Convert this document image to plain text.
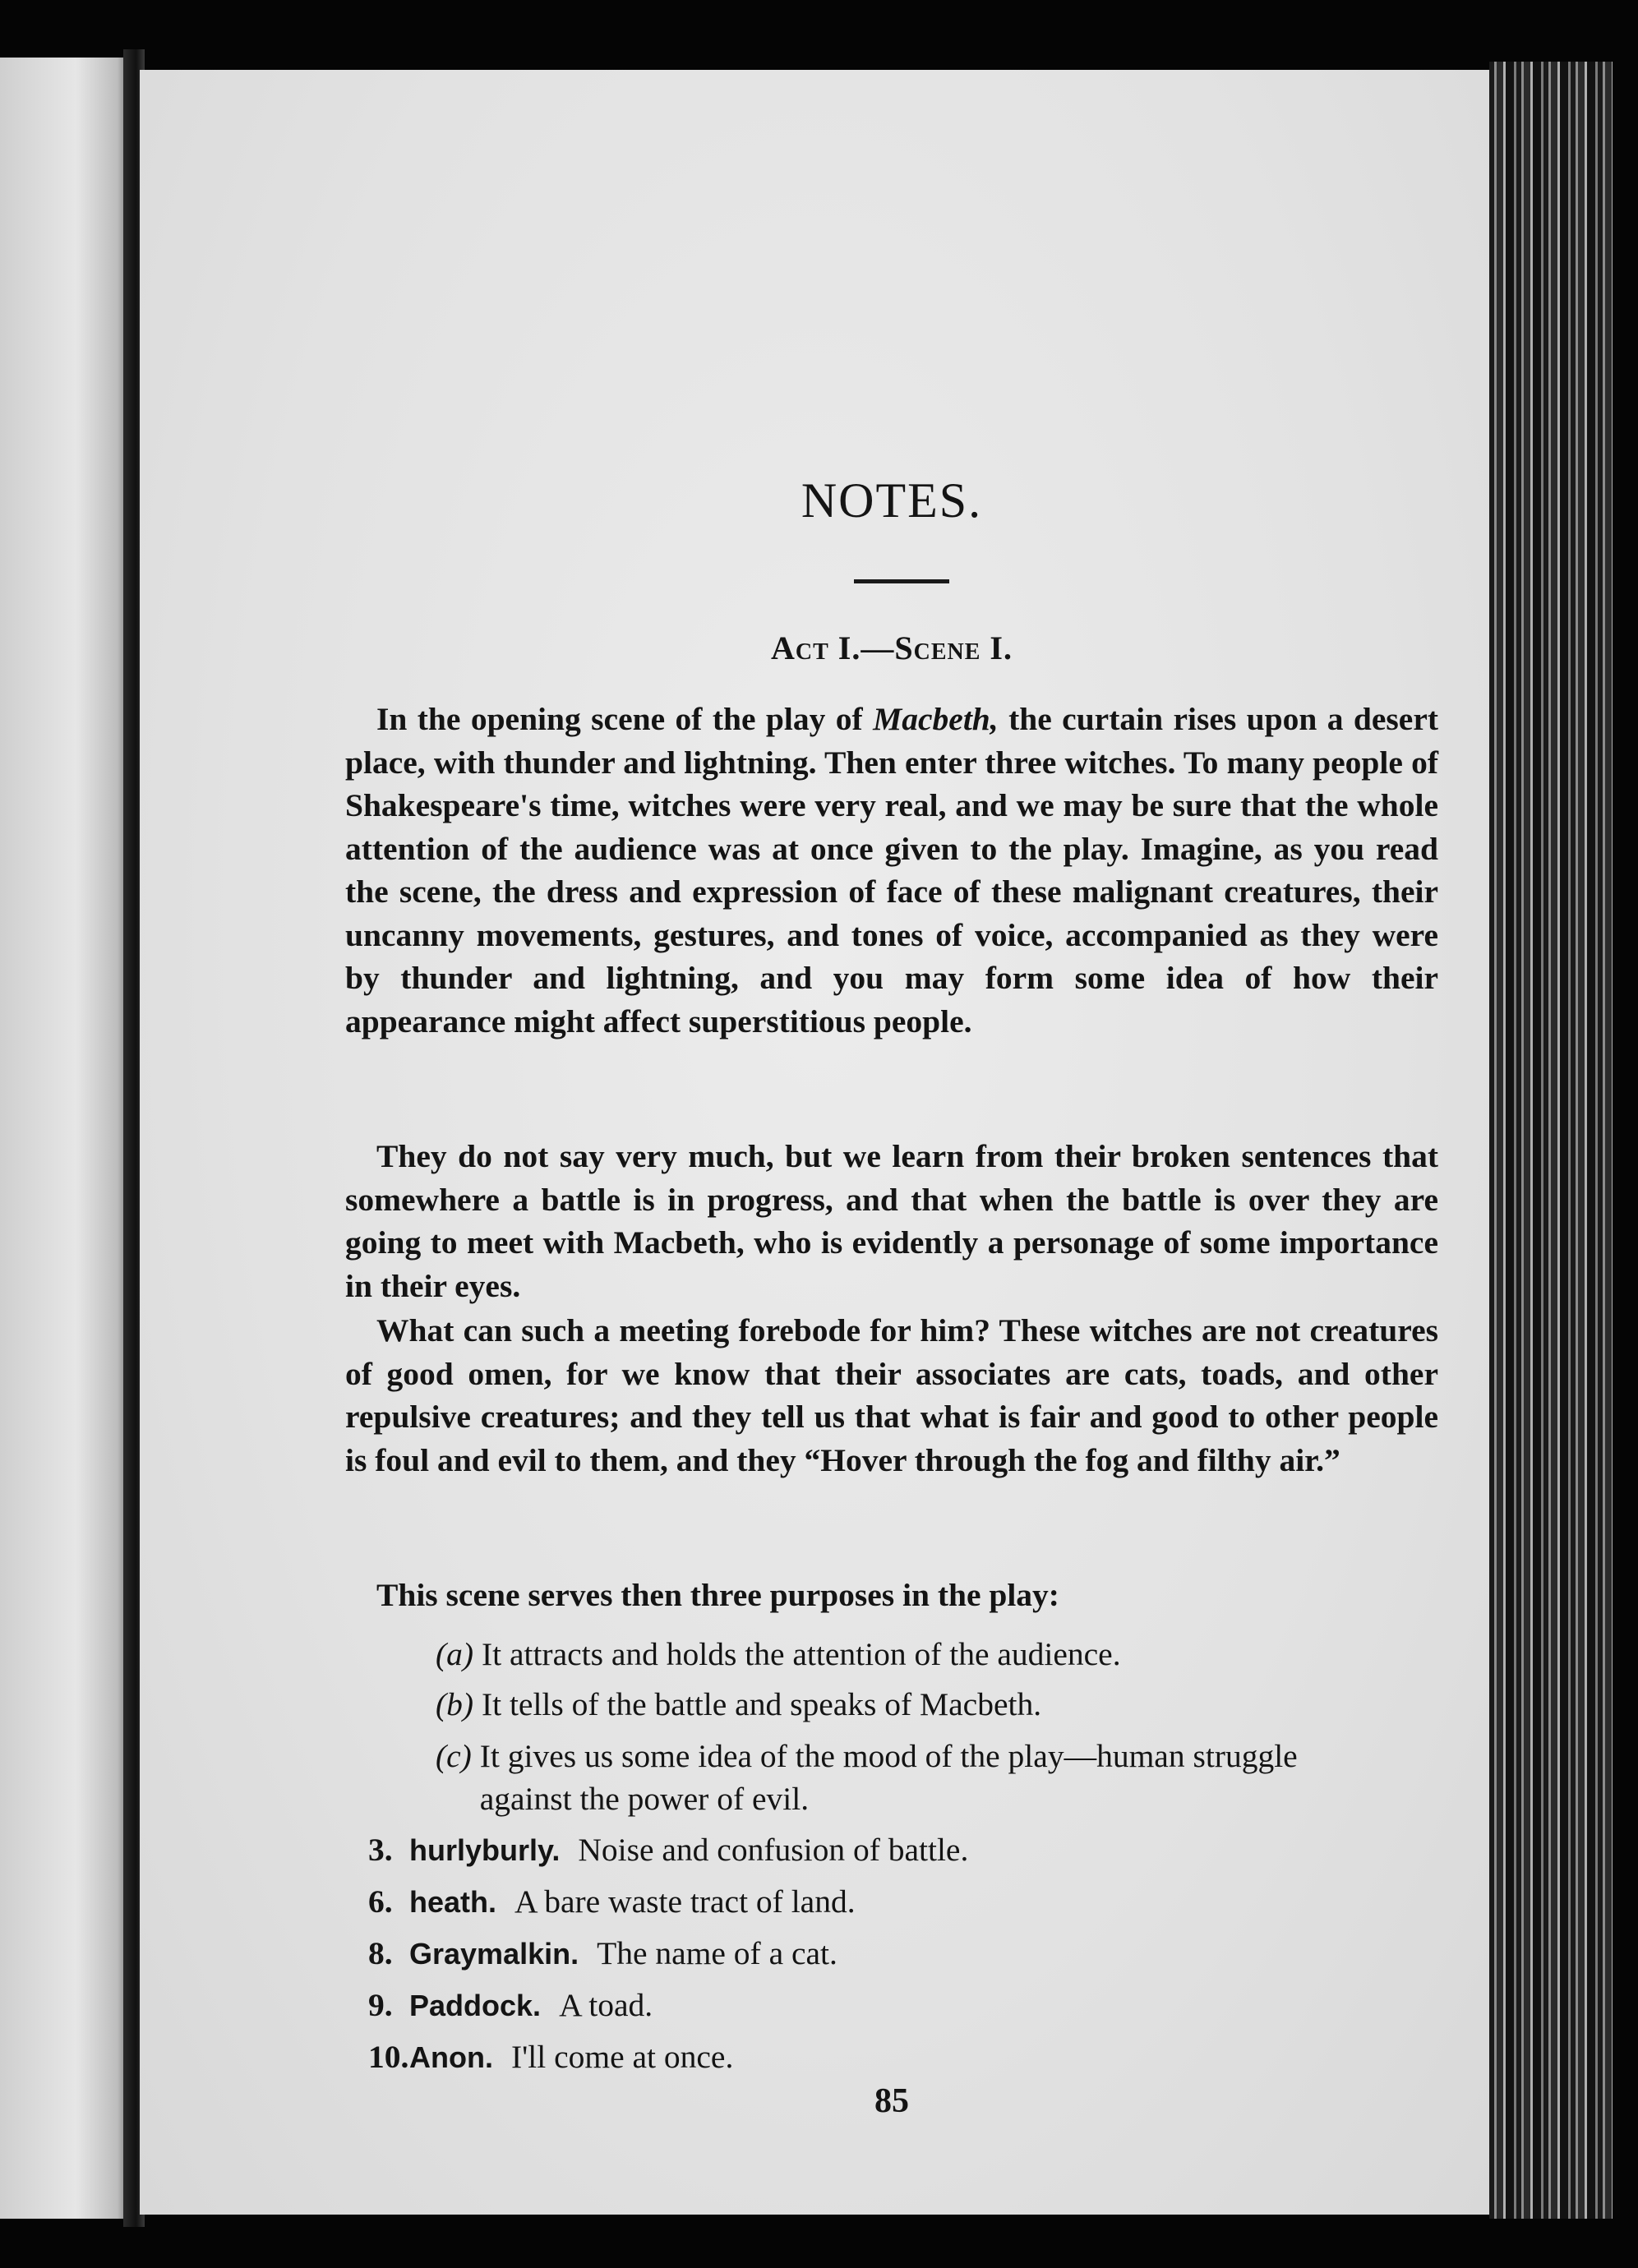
NOTES.
Act I.—Scene I.

In the opening scene of the play of Macbeth, the curtain rises upon a desert place, with thunder and lightning. Then enter three witches. To many people of Shakespeare's time, witches were very real, and we may be sure that the whole attention of the audience was at once given to the play. Imagine, as you read the scene, the dress and expression of face of these malignant creatures, their uncanny movements, gestures, and tones of voice, accompanied as they were by thunder and lightning, and you may form some idea of how their appearance might affect superstitious people.

They do not say very much, but we learn from their broken sentences that somewhere a battle is in progress, and that when the battle is over they are going to meet with Macbeth, who is evidently a personage of some importance in their eyes.

What can such a meeting forebode for him? These witches are not creatures of good omen, for we know that their associates are cats, toads, and other repulsive creatures; and they tell us that what is fair and good to other people is foul and evil to them, and they “Hover through the fog and filthy air.”

This scene serves then three purposes in the play:

(a) It attracts and holds the attention of the audience.

(b) It tells of the battle and speaks of Macbeth.

(c) It gives us some idea of the mood of the play—human struggle against the power of evil.

3. hurlyburly. Noise and confusion of battle.

6. heath. A bare waste tract of land.

8. Graymalkin. The name of a cat.

9. Paddock. A toad.

10.Anon. I'll come at once.

85
